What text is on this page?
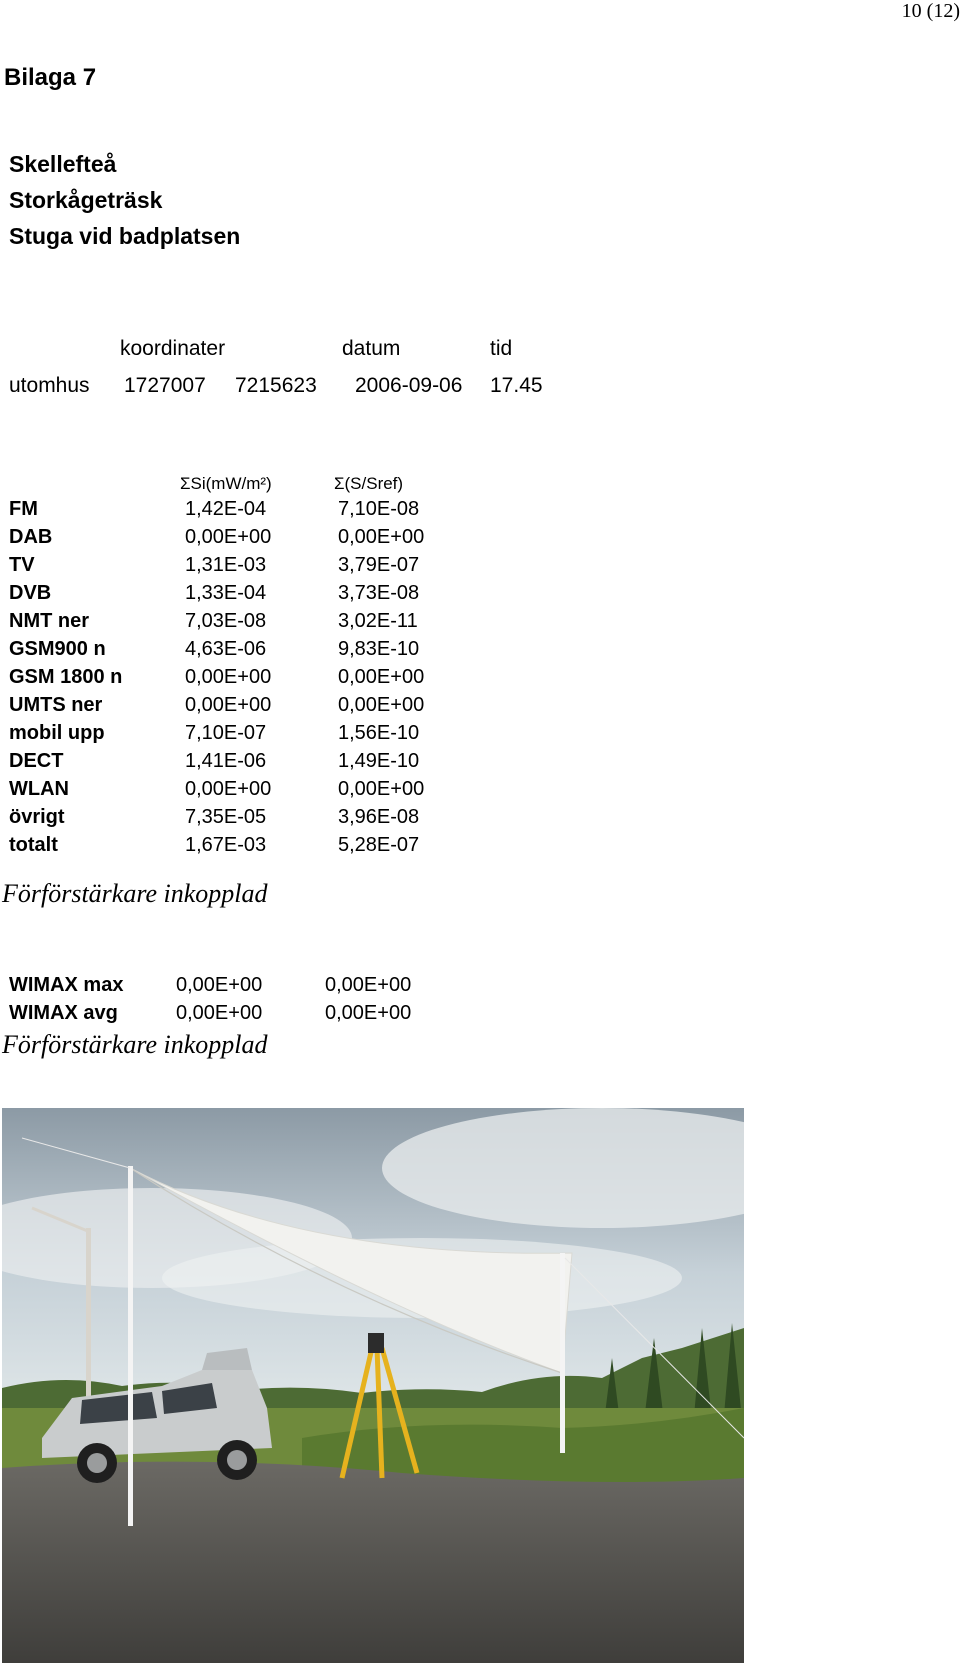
10 (12)
Bilaga 7
Skellefteå
Storkågeträsk
Stuga vid badplatsen
koordinater	datum	tid
utomhus 1727007 7215623 2006-09-06 17.45
ΣSi(mW/m²)	Σ(S/Sref)
FM	1,42E-04	7,10E-08
DAB	0,00E+00	0,00E+00
TV	1,31E-03	3,79E-07
DVB	1,33E-04	3,73E-08
NMT ner	7,03E-08	3,02E-11
GSM900 n	4,63E-06	9,83E-10
GSM 1800 n	0,00E+00	0,00E+00
UMTS ner	0,00E+00	0,00E+00
mobil upp	7,10E-07	1,56E-10
DECT	1,41E-06	1,49E-10
WLAN	0,00E+00	0,00E+00
övrigt	7,35E-05	3,96E-08
totalt	1,67E-03	5,28E-07
Förförstärkare inkopplad
WIMAX max	0,00E+00	0,00E+00
WIMAX avg	0,00E+00	0,00E+00
Förförstärkare inkopplad
